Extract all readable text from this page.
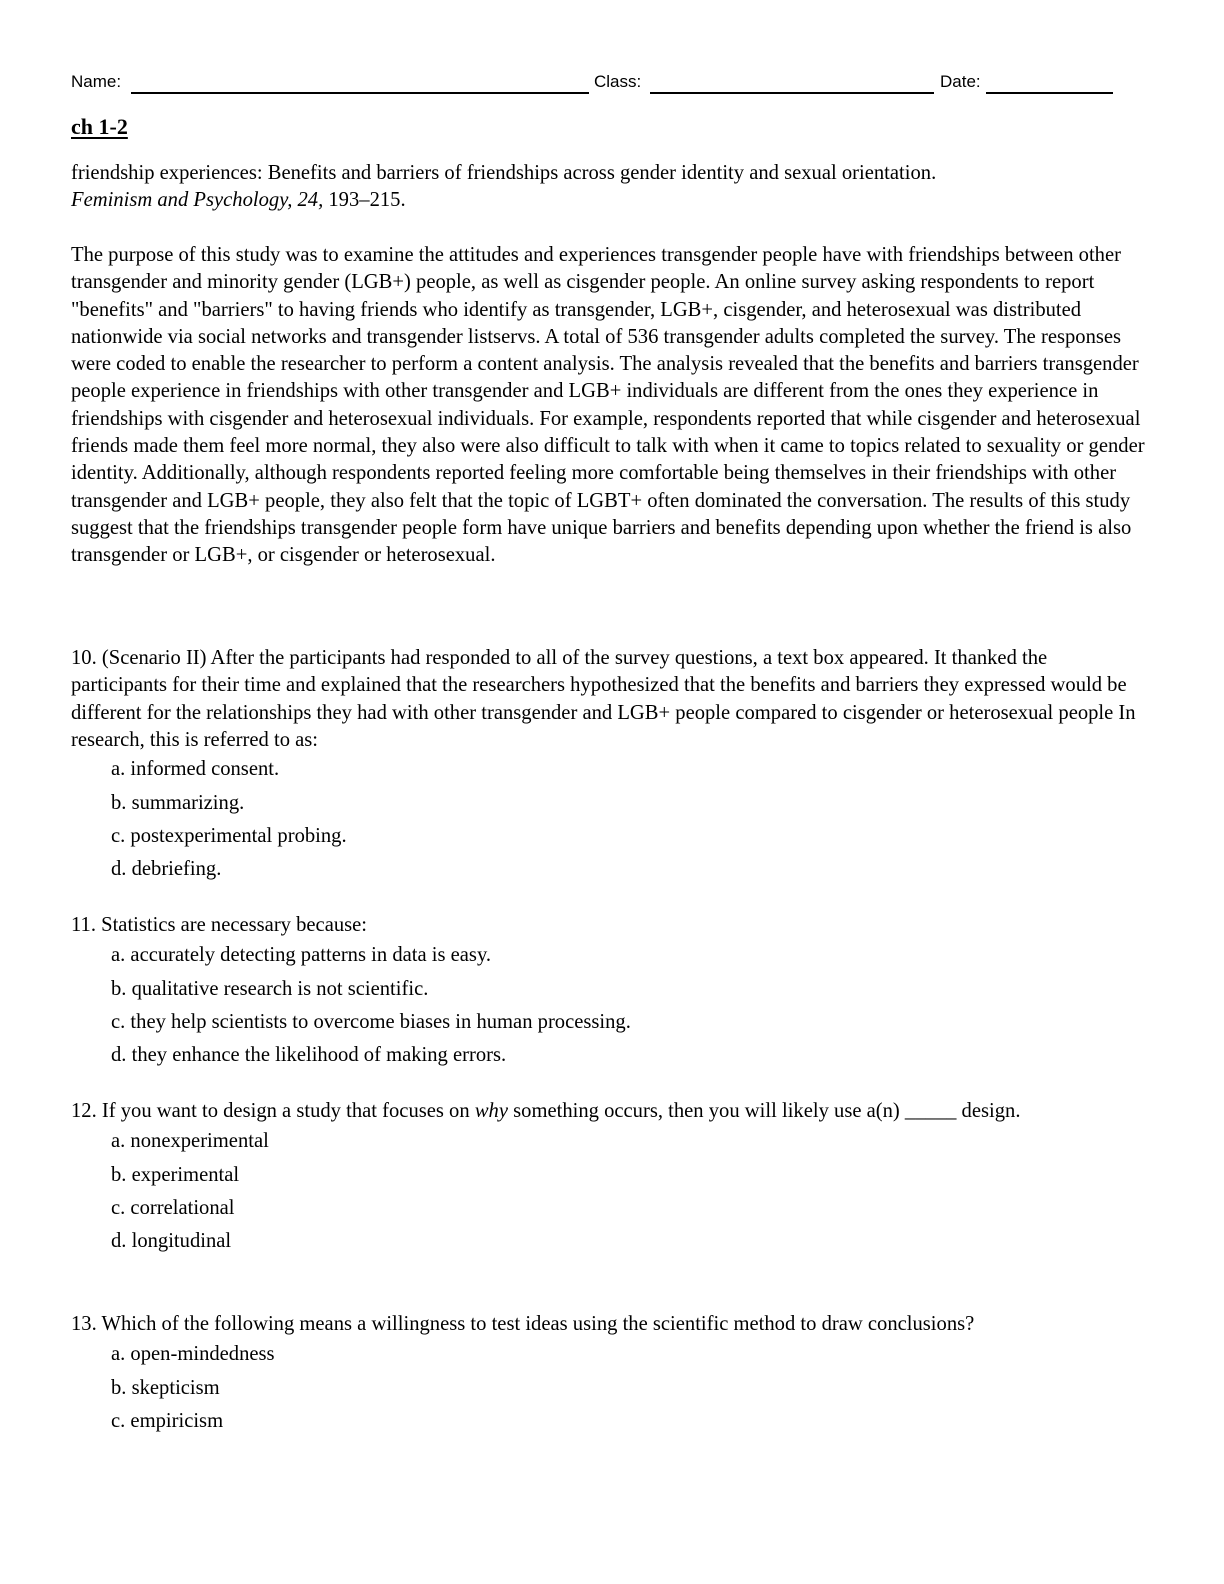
Name:	Class:	Date:
ch 1-2

friendship experiences: Benefits and barriers of friendships across gender identity and sexual orientation.
Feminism and Psychology, 24, 193–215.

The purpose of this study was to examine the attitudes and experiences transgender people have with friendships between other transgender and minority gender (LGB+) people, as well as cisgender people. An online survey asking respondents to report "benefits" and "barriers" to having friends who identify as transgender, LGB+, cisgender, and heterosexual was distributed nationwide via social networks and transgender listservs. A total of 536 transgender adults completed the survey. The responses were coded to enable the researcher to perform a content analysis. The analysis revealed that the benefits and barriers transgender people experience in friendships with other transgender and LGB+ individuals are different from the ones they experience in friendships with cisgender and heterosexual individuals. For example, respondents reported that while cisgender and heterosexual friends made them feel more normal, they also were also difficult to talk with when it came to topics related to sexuality or gender identity. Additionally, although respondents reported feeling more comfortable being themselves in their friendships with other transgender and LGB+ people, they also felt that the topic of LGBT+ often dominated the conversation. The results of this study suggest that the friendships transgender people form have unique barriers and benefits depending upon whether the friend is also transgender or LGB+, or cisgender or heterosexual.

10. (Scenario II) After the participants had responded to all of the survey questions, a text box appeared. It thanked the participants for their time and explained that the researchers hypothesized that the benefits and barriers they expressed would be different for the relationships they had with other transgender and LGB+ people compared to cisgender or heterosexual people In research, this is referred to as:

a. informed consent.

b. summarizing.

c. postexperimental probing.

d. debriefing.

11. Statistics are necessary because:

a. accurately detecting patterns in data is easy.

b. qualitative research is not scientific.

c. they help scientists to overcome biases in human processing.

d. they enhance the likelihood of making errors.

12. If you want to design a study that focuses on why something occurs, then you will likely use a(n) _____ design.

a. nonexperimental

b. experimental

c. correlational

d. longitudinal

13. Which of the following means a willingness to test ideas using the scientific method to draw conclusions?

a. open-mindedness

b. skepticism

c. empiricism
